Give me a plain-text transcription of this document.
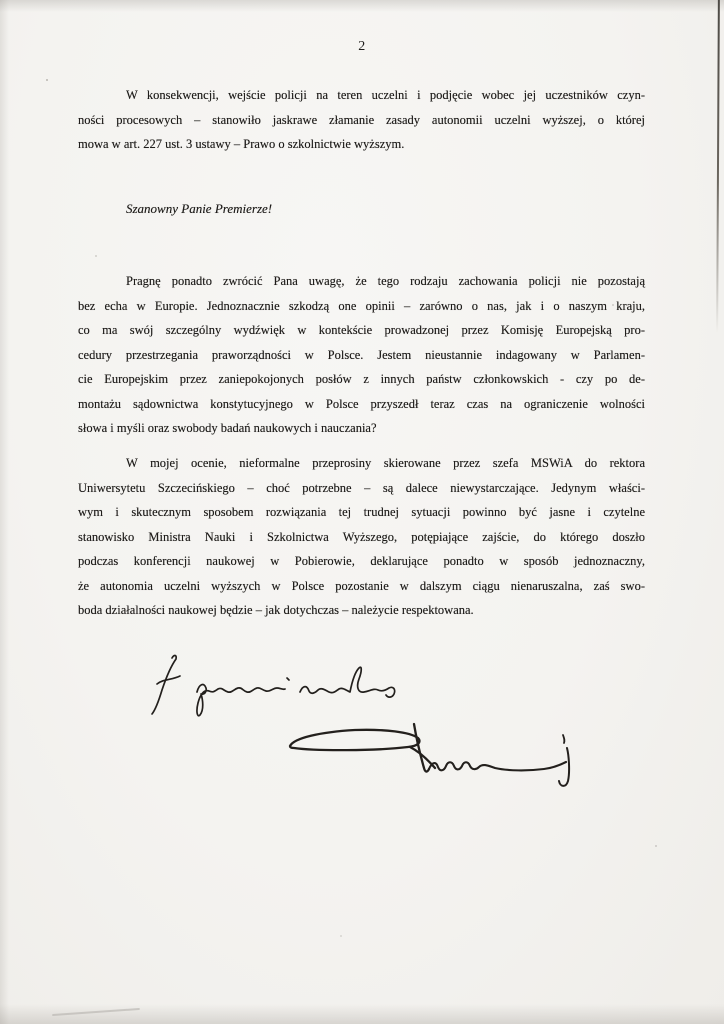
2
W konsekwencji, wejście policji na teren uczelni i podjęcie wobec jej uczestników czyn-
ności procesowych – stanowiło jaskrawe złamanie zasady autonomii uczelni wyższej, o której
mowa w art. 227 ust. 3 ustawy – Prawo o szkolnictwie wyższym.
Szanowny Panie Premierze!
Pragnę ponadto zwrócić Pana uwagę, że tego rodzaju zachowania policji nie pozostają
bez echa w Europie. Jednoznacznie szkodzą one opinii – zarówno o nas, jak i o naszym kraju,
co ma swój szczególny wydźwięk w kontekście prowadzonej przez Komisję Europejską pro-
cedury przestrzegania praworządności w Polsce. Jestem nieustannie indagowany w Parlamen-
cie Europejskim przez zaniepokojonych posłów z innych państw członkowskich - czy po de-
montażu sądownictwa konstytucyjnego w Polsce przyszedł teraz czas na ograniczenie wolności
słowa i myśli oraz swobody badań naukowych i nauczania?
W mojej ocenie, nieformalne przeprosiny skierowane przez szefa MSWiA do rektora
Uniwersytetu Szczecińskiego – choć potrzebne – są dalece niewystarczające. Jedynym właści-
wym i skutecznym sposobem rozwiązania tej trudnej sytuacji powinno być jasne i czytelne
stanowisko Ministra Nauki i Szkolnictwa Wyższego, potępiające zajście, do którego doszło
podczas konferencji naukowej w Pobierowie, deklarujące ponadto w sposób jednoznaczny,
że autonomia uczelni wyższych w Polsce pozostanie w dalszym ciągu nienaruszalna, zaś swo-
boda działalności naukowej będzie – jak dotychczas – należycie respektowana.
